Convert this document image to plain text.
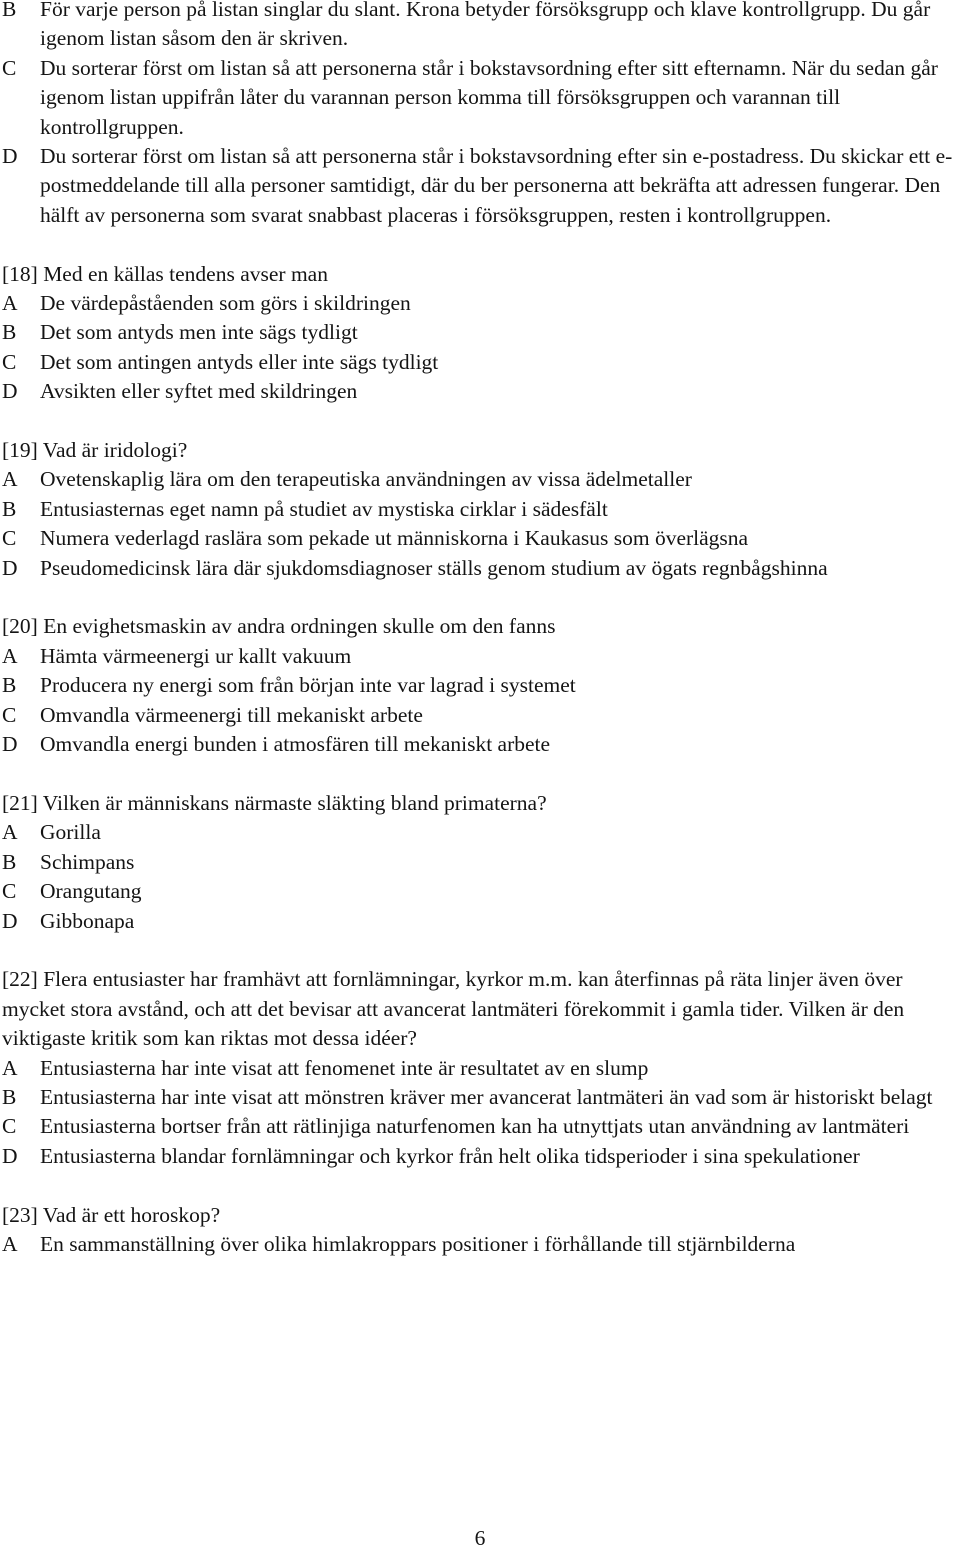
B	För varje person på listan singlar du slant. Krona betyder försöksgrupp och klave kontrollgrupp. Du går igenom listan såsom den är skriven.
C	Du sorterar först om listan så att personerna står i bokstavsordning efter sitt efternamn. När du sedan går igenom listan uppifrån låter du varannan person komma till försöksgruppen och varannan till kontrollgruppen.
D	Du sorterar först om listan så att personerna står i bokstavsordning efter sin e-postadress. Du skickar ett e-postmeddelande till alla personer samtidigt, där du ber personerna att bekräfta att adressen fungerar. Den hälft av personerna som svarat snabbast placeras i försöksgruppen, resten i kontrollgruppen.
[18] Med en källas tendens avser man
A	De värdepåståenden som görs i skildringen
B	Det som antyds men inte sägs tydligt
C	Det som antingen antyds eller inte sägs tydligt
D	Avsikten eller syftet med skildringen
[19] Vad är iridologi?
A	Ovetenskaplig lära om den terapeutiska användningen av vissa ädelmetaller
B	Entusiasternas eget namn på studiet av mystiska cirklar i sädesfält
C	Numera vederlagd raslära som pekade ut människorna i Kaukasus som överlägsna
D	Pseudomedicinsk lära där sjukdomsdiagnoser ställs genom studium av ögats regnbågshinna
[20] En evighetsmaskin av andra ordningen skulle om den fanns
A	Hämta värmeenergi ur kallt vakuum
B	Producera ny energi som från början inte var lagrad i systemet
C	Omvandla värmeenergi till mekaniskt arbete
D	Omvandla energi bunden i atmosfären till mekaniskt arbete
[21] Vilken är människans närmaste släkting bland primaterna?
A	Gorilla
B	Schimpans
C	Orangutang
D	Gibbonapa
[22] Flera entusiaster har framhävt att fornlämningar, kyrkor m.m. kan återfinnas på räta linjer även över mycket stora avstånd, och att det bevisar att avancerat lantmäteri förekommit i gamla tider. Vilken är den viktigaste kritik som kan riktas mot dessa idéer?
A	Entusiasterna har inte visat att fenomenet inte är resultatet av en slump
B	Entusiasterna har inte visat att mönstren kräver mer avancerat lantmäteri än vad som är historiskt belagt
C	Entusiasterna bortser från att rätlinjiga naturfenomen kan ha utnyttjats utan användning av lantmäteri
D	Entusiasterna blandar fornlämningar och kyrkor från helt olika tidsperioder i sina spekulationer
[23] Vad är ett horoskop?
A	En sammanställning över olika himlakroppars positioner i förhållande till stjärnbilderna
6
